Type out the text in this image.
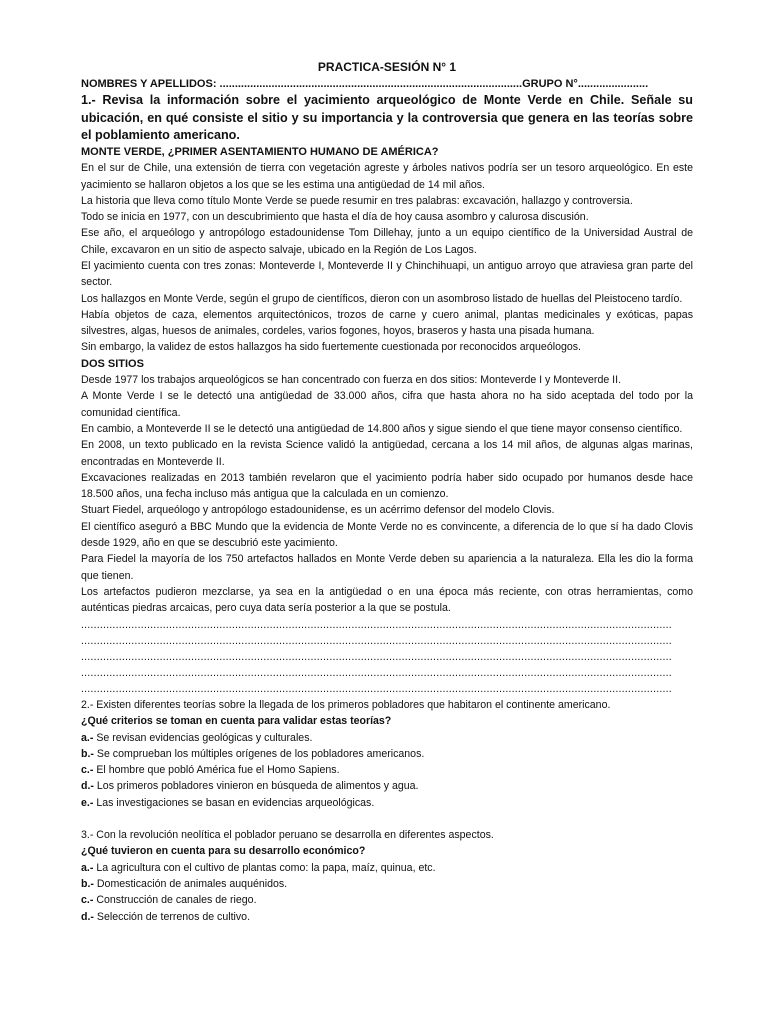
PRACTICA-SESIÓN N° 1
NOMBRES Y APELLIDOS: ...................................................................................................GRUPO N°.......................
1.- Revisa la información sobre el yacimiento arqueológico de Monte Verde en Chile. Señale su ubicación, en qué consiste el sitio y su importancia y la controversia que genera en las teorías sobre el poblamiento americano.
MONTE VERDE, ¿PRIMER ASENTAMIENTO HUMANO DE AMÉRICA?

En el sur de Chile, una extensión de tierra con vegetación agreste y árboles nativos podría ser un tesoro arqueológico. En este yacimiento se hallaron objetos a los que se les estima una antigüedad de 14 mil años.

La historia que lleva como título Monte Verde se puede resumir en tres palabras: excavación, hallazgo y controversia.

Todo se inicia en 1977, con un descubrimiento que hasta el día de hoy causa asombro y calurosa discusión.

Ese año, el arqueólogo y antropólogo estadounidense Tom Dillehay, junto a un equipo científico de la Universidad Austral de Chile, excavaron en un sitio de aspecto salvaje, ubicado en la Región de Los Lagos.

El yacimiento cuenta con tres zonas: Monteverde I, Monteverde II y Chinchihuapi, un antiguo arroyo que atraviesa gran parte del sector.

Los hallazgos en Monte Verde, según el grupo de científicos, dieron con un asombroso listado de huellas del Pleistoceno tardío.

Había objetos de caza, elementos arquitectónicos, trozos de carne y cuero animal, plantas medicinales y exóticas, papas silvestres, algas, huesos de animales, cordeles, varios fogones, hoyos, braseros y hasta una pisada humana.

Sin embargo, la validez de estos hallazgos ha sido fuertemente cuestionada por reconocidos arqueólogos.

DOS SITIOS

Desde 1977 los trabajos arqueológicos se han concentrado con fuerza en dos sitios: Monteverde I y Monteverde II.

A Monte Verde I se le detectó una antigüedad de 33.000 años, cifra que hasta ahora no ha sido aceptada del todo por la comunidad científica.

En cambio, a Monteverde II se le detectó una antigüedad de 14.800 años y sigue siendo el que tiene mayor consenso científico.

En 2008, un texto publicado en la revista Science validó la antigüedad, cercana a los 14 mil años, de algunas algas marinas, encontradas en Monteverde II.

Excavaciones realizadas en 2013 también revelaron que el yacimiento podría haber sido ocupado por humanos desde hace 18.500 años, una fecha incluso más antigua que la calculada en un comienzo.

Stuart Fiedel, arqueólogo y antropólogo estadounidense, es un acérrimo defensor del modelo Clovis.

El científico aseguró a BBC Mundo que la evidencia de Monte Verde no es convincente, a diferencia de lo que sí ha dado Clovis desde 1929, año en que se descubrió este yacimiento.

Para Fiedel la mayoría de los 750 artefactos hallados en Monte Verde deben su apariencia a la naturaleza. Ella les dio la forma que tienen.

Los artefactos pudieron mezclarse, ya sea en la antigüedad o en una época más reciente, con otras herramientas, como auténticas piedras arcaicas, pero cuya data sería posterior a la que se postula.

............................................................................................................................................................................................
............................................................................................................................................................................................
............................................................................................................................................................................................
............................................................................................................................................................................................
............................................................................................................................................................................................

2.- Existen diferentes teorías sobre la llegada de los primeros pobladores que habitaron el continente americano.

¿Qué criterios se toman en cuenta para validar estas teorías?

a.- Se revisan evidencias geológicas y culturales.

b.- Se comprueban los múltiples orígenes de los pobladores americanos.

c.- El hombre que pobló América fue el Homo Sapiens.

d.- Los primeros pobladores vinieron en búsqueda de alimentos y agua.

e.- Las investigaciones se basan en evidencias arqueológicas.

3.- Con la revolución neolítica el poblador peruano se desarrolla en diferentes aspectos.

¿Qué tuvieron en cuenta para su desarrollo económico?

a.- La agricultura con el cultivo de plantas como: la papa, maíz, quinua, etc.

b.- Domesticación de animales auquénidos.

c.- Construcción de canales de riego.

d.- Selección de terrenos de cultivo.
